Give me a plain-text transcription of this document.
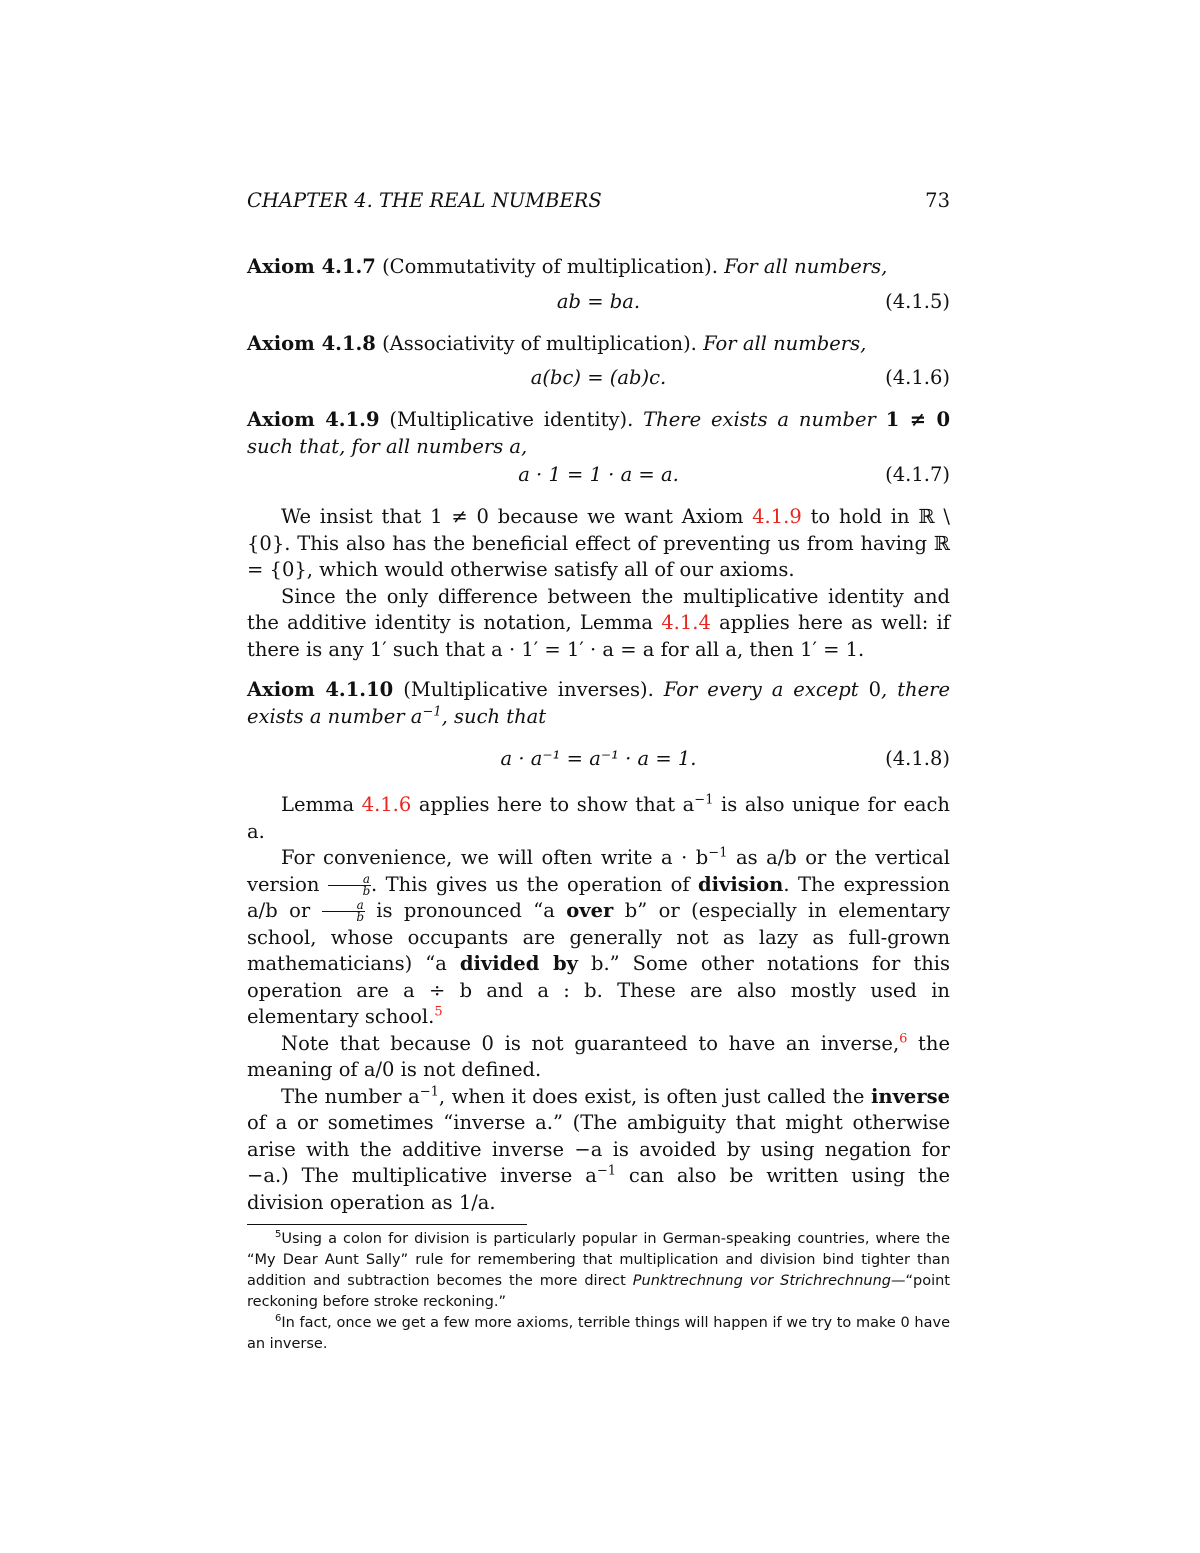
CHAPTER 4. THE REAL NUMBERS	73

Axiom 4.1.7 (Commutativity of multiplication). For all numbers,

ab = ba.	(4.1.5)

Axiom 4.1.8 (Associativity of multiplication). For all numbers,

a(bc) = (ab)c.	(4.1.6)

Axiom 4.1.9 (Multiplicative identity). There exists a number 1 ≠ 0 such that, for all numbers a,

a · 1 = 1 · a = a.	(4.1.7)

We insist that 1 ≠ 0 because we want Axiom 4.1.9 to hold in ℝ \ {0}. This also has the beneficial effect of preventing us from having ℝ = {0}, which would otherwise satisfy all of our axioms.

Since the only difference between the multiplicative identity and the additive identity is notation, Lemma 4.1.4 applies here as well: if there is any 1′ such that a · 1′ = 1′ · a = a for all a, then 1′ = 1.

Axiom 4.1.10 (Multiplicative inverses). For every a except 0, there exists a number $a^{-1}$, such that

a · a⁻¹ = a⁻¹ · a = 1.	(4.1.8)

Lemma 4.1.6 applies here to show that $a^{-1}$ is also unique for each a.

For convenience, we will often write $a \cdot b^{-1}$ as a/b or the vertical version $\frac{a}{b}$ . This gives us the operation of division. The expression a/b or $\frac{a}{b}$ is pronounced “a over b” or (especially in elementary school, whose occupants are generally not as lazy as full-grown mathematicians) “a divided by b.” Some other notations for this operation are a ÷ b and a : b. These are also mostly used in elementary school.$^5$

Note that because 0 is not guaranteed to have an inverse,$^6$ the meaning of a/0 is not defined.

The number $a^{-1}$, when it does exist, is often just called the inverse of a or sometimes “inverse a.” (The ambiguity that might otherwise arise with the additive inverse −a is avoided by using negation for −a.) The multiplicative inverse $a^{-1}$ can also be written using the division operation as 1/a.

$^5$Using a colon for division is particularly popular in German-speaking countries, where the “My Dear Aunt Sally” rule for remembering that multiplication and division bind tighter than addition and subtraction becomes the more direct Punktrechnung vor Strichrechnung—“point reckoning before stroke reckoning.”

$^6$In fact, once we get a few more axioms, terrible things will happen if we try to make 0 have an inverse.
